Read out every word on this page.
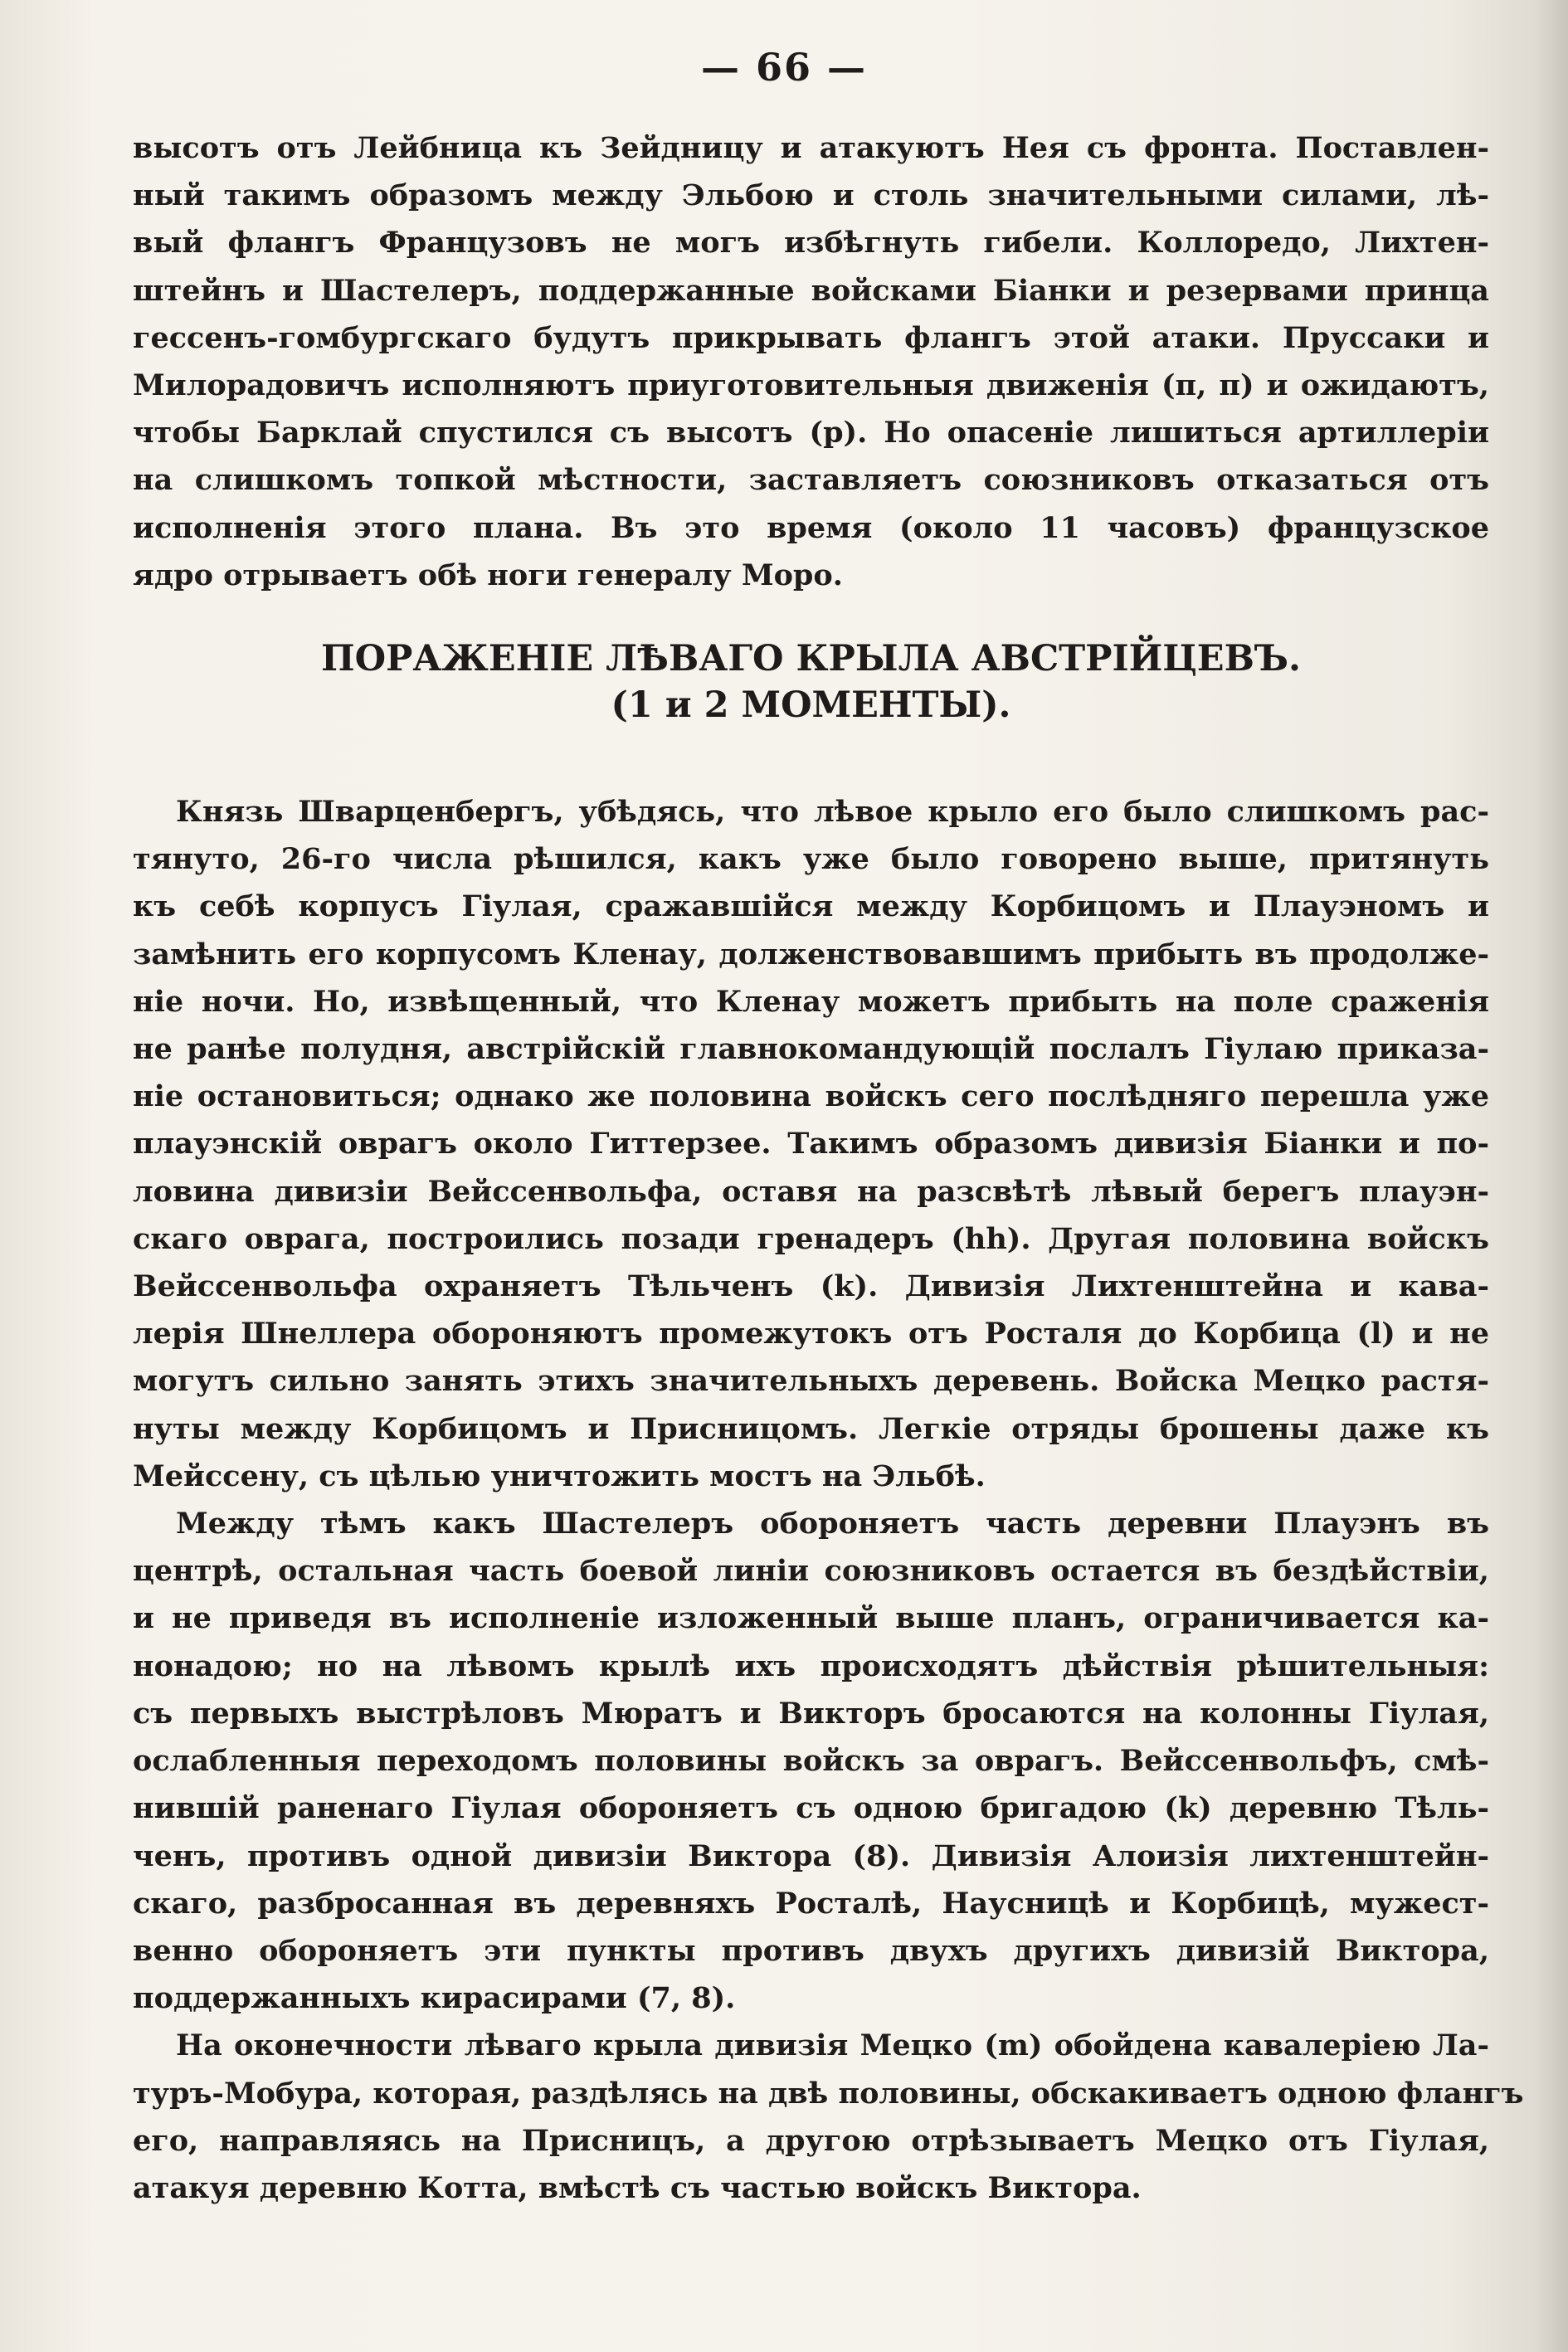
— 66 —
высотъ отъ Лейбница къ Зейдницу и атакуютъ Нея съ фронта. Поставлен-
ный такимъ образомъ между Эльбою и столь значительными силами, лѣ-
вый флангъ Французовъ не могъ избѣгнуть гибели. Коллоредо, Лихтен-
штейнъ и Шастелеръ, поддержанные войсками Біанки и резервами принца
гессенъ-гомбургскаго будутъ прикрывать флангъ этой атаки. Пруссаки и
Милорадовичъ исполняютъ приуготовительныя движенія (п, п) и ожидаютъ,
чтобы Барклай спустился съ высотъ (р). Но опасеніе лишиться артиллеріи
на слишкомъ топкой мѣстности, заставляетъ союзниковъ отказаться отъ
исполненія этого плана. Въ это время (около 11 часовъ) французское
ядро отрываетъ обѣ ноги генералу Моро.
ПОРАЖЕНІЕ ЛѢВАГО КРЫЛА АВСТРІЙЦЕВЪ.
(1 и 2 МОМЕНТЫ).
Князь Шварценбергъ, убѣдясь, что лѣвое крыло его было слишкомъ рас-
тянуто, 26-го числа рѣшился, какъ уже было говорено выше, притянуть
къ себѣ корпусъ Гіулая, сражавшійся между Корбицомъ и Плауэномъ и
замѣнить его корпусомъ Кленау, долженствовавшимъ прибыть въ продолже-
ніе ночи. Но, извѣщенный, что Кленау можетъ прибыть на поле сраженія
не ранѣе полудня, австрійскій главнокомандующій послалъ Гіулаю приказа-
ніе остановиться; однако же половина войскъ сего послѣдняго перешла уже
плауэнскій оврагъ около Гиттерзее. Такимъ образомъ дивизія Біанки и по-
ловина дивизіи Вейссенвольфа, оставя на разсвѣтѣ лѣвый берегъ плауэн-
скаго оврага, построились позади гренадеръ (hh). Другая половина войскъ
Вейссенвольфа охраняетъ Тѣльченъ (k). Дивизія Лихтенштейна и кава-
лерія Шнеллера обороняютъ промежутокъ отъ Росталя до Корбица (l) и не
могутъ сильно занять этихъ значительныхъ деревень. Войска Мецко растя-
нуты между Корбицомъ и Присницомъ. Легкіе отряды брошены даже къ
Мейссену, съ цѣлью уничтожить мостъ на Эльбѣ.
Между тѣмъ какъ Шастелеръ обороняетъ часть деревни Плауэнъ въ
центрѣ, остальная часть боевой линіи союзниковъ остается въ бездѣйствіи,
и не приведя въ исполненіе изложенный выше планъ, ограничивается ка-
нонадою; но на лѣвомъ крылѣ ихъ происходятъ дѣйствія рѣшительныя:
съ первыхъ выстрѣловъ Мюратъ и Викторъ бросаются на колонны Гіулая,
ослабленныя переходомъ половины войскъ за оврагъ. Вейссенвольфъ, смѣ-
нившій раненаго Гіулая обороняетъ съ одною бригадою (k) деревню Тѣль-
ченъ, противъ одной дивизіи Виктора (8). Дивизія Алоизія лихтенштейн-
скаго, разбросанная въ деревняхъ Росталѣ, Наусницѣ и Корбицѣ, мужест-
венно обороняетъ эти пункты противъ двухъ другихъ дивизій Виктора,
поддержанныхъ кирасирами (7, 8).
На оконечности лѣваго крыла дивизія Мецко (m) обойдена кавалеріею Ла-
туръ-Мобура, которая, раздѣлясь на двѣ половины, обскакиваетъ одною флангъ
его, направляясь на Присницъ, а другою отрѣзываетъ Мецко отъ Гіулая,
атакуя деревню Котта, вмѣстѣ съ частью войскъ Виктора.
